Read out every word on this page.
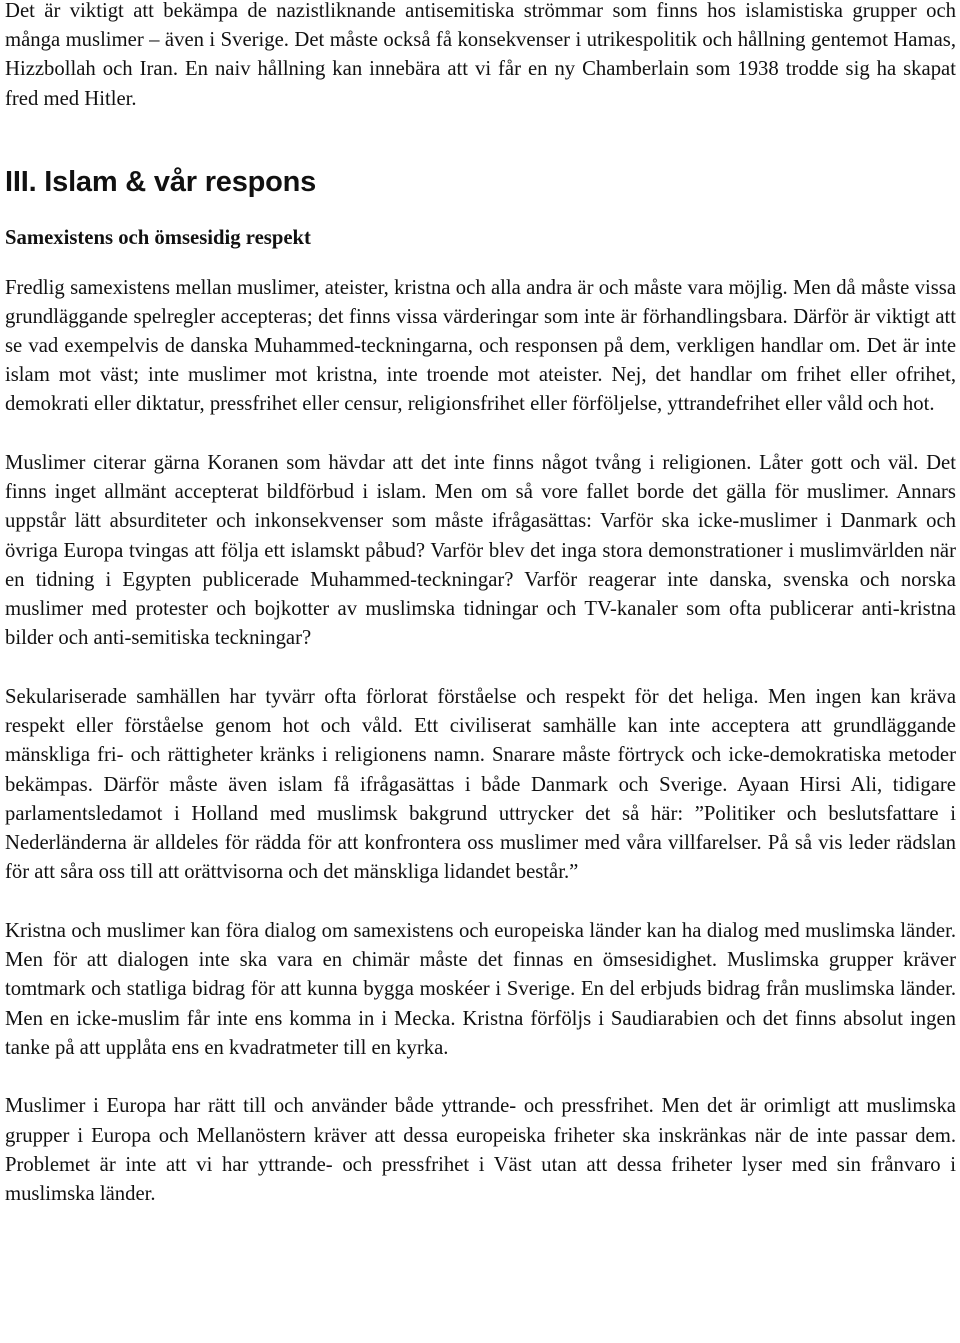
Det är viktigt att bekämpa de nazistliknande antisemitiska strömmar som finns hos islamistiska grupper och många muslimer – även i Sverige. Det måste också få konsekvenser i utrikespolitik och hållning gentemot Hamas, Hizzbollah och Iran. En naiv hållning kan innebära att vi får en ny Chamberlain som 1938 trodde sig ha skapat fred med Hitler.

III. Islam & vår respons
Samexistens och ömsesidig respekt

Fredlig samexistens mellan muslimer, ateister, kristna och alla andra är och måste vara möjlig. Men då måste vissa grundläggande spelregler accepteras; det finns vissa värderingar som inte är förhandlingsbara. Därför är viktigt att se vad exempelvis de danska Muhammed-teckningarna, och responsen på dem, verkligen handlar om. Det är inte islam mot väst; inte muslimer mot kristna, inte troende mot ateister. Nej, det handlar om frihet eller ofrihet, demokrati eller diktatur, pressfrihet eller censur, religionsfrihet eller förföljelse, yttrandefrihet eller våld och hot.

Muslimer citerar gärna Koranen som hävdar att det inte finns något tvång i religionen. Låter gott och väl. Det finns inget allmänt accepterat bildförbud i islam. Men om så vore fallet borde det gälla för muslimer. Annars uppstår lätt absurditeter och inkonsekvenser som måste ifrågasättas: Varför ska icke-muslimer i Danmark och övriga Europa tvingas att följa ett islamskt påbud? Varför blev det inga stora demonstrationer i muslimvärlden när en tidning i Egypten publicerade Muhammed-teckningar? Varför reagerar inte danska, svenska och norska muslimer med protester och bojkotter av muslimska tidningar och TV-kanaler som ofta publicerar anti-kristna bilder och anti-semitiska teckningar?

Sekulariserade samhällen har tyvärr ofta förlorat förståelse och respekt för det heliga. Men ingen kan kräva respekt eller förståelse genom hot och våld. Ett civiliserat samhälle kan inte acceptera att grundläggande mänskliga fri- och rättigheter kränks i religionens namn. Snarare måste förtryck och icke-demokratiska metoder bekämpas. Därför måste även islam få ifrågasättas i både Danmark och Sverige. Ayaan Hirsi Ali, tidigare parlamentsledamot i Holland med muslimsk bakgrund uttrycker det så här: ”Politiker och beslutsfattare i Nederländerna är alldeles för rädda för att konfrontera oss muslimer med våra villfarelser. På så vis leder rädslan för att såra oss till att orättvisorna och det mänskliga lidandet består.”

Kristna och muslimer kan föra dialog om samexistens och europeiska länder kan ha dialog med muslimska länder. Men för att dialogen inte ska vara en chimär måste det finnas en ömsesidighet. Muslimska grupper kräver tomtmark och statliga bidrag för att kunna bygga moskéer i Sverige. En del erbjuds bidrag från muslimska länder. Men en icke-muslim får inte ens komma in i Mecka. Kristna förföljs i Saudiarabien och det finns absolut ingen tanke på att upplåta ens en kvadratmeter till en kyrka.

Muslimer i Europa har rätt till och använder både yttrande- och pressfrihet. Men det är orimligt att muslimska grupper i Europa och Mellanöstern kräver att dessa europeiska friheter ska inskränkas när de inte passar dem. Problemet är inte att vi har yttrande- och pressfrihet i Väst utan att dessa friheter lyser med sin frånvaro i muslimska länder.
